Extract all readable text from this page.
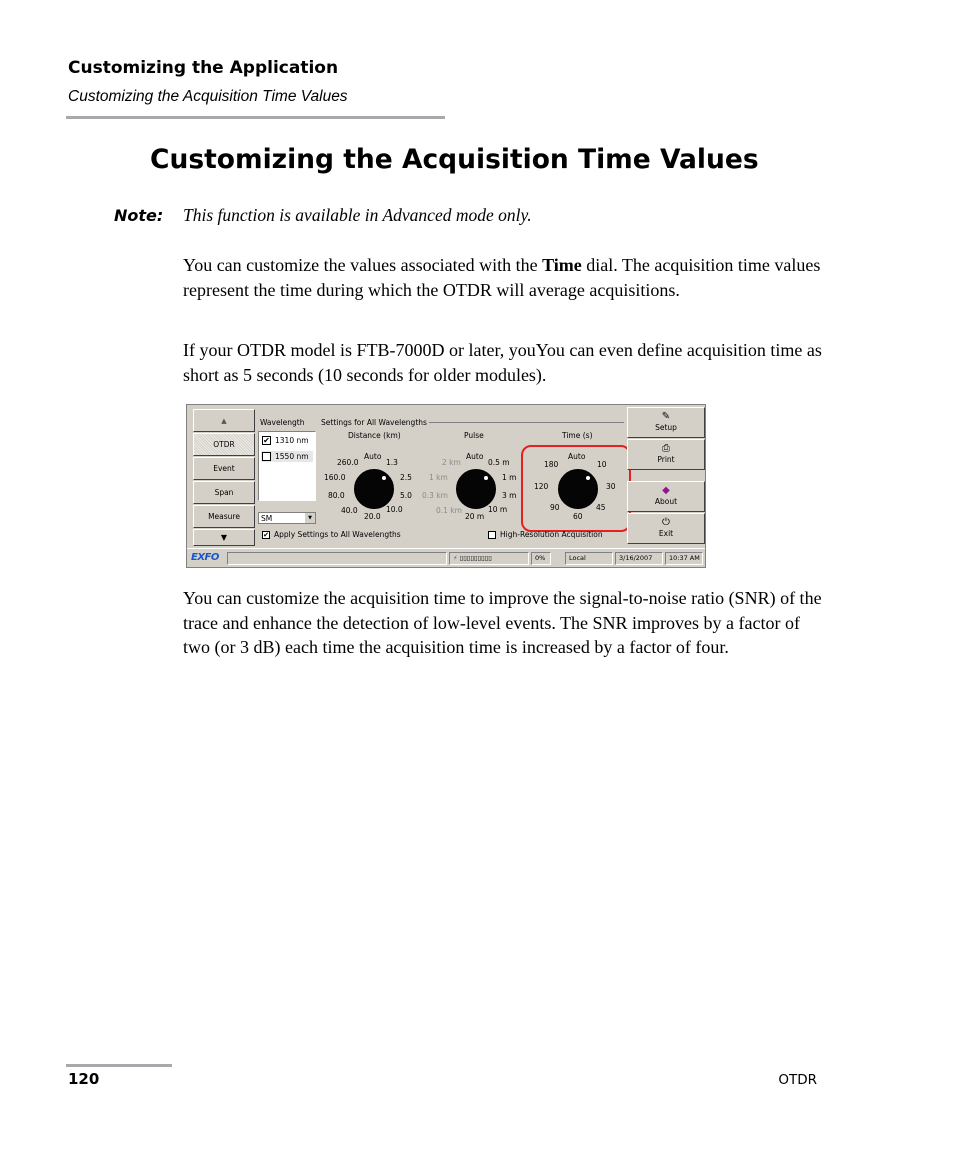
Customizing the Application
Customizing the Acquisition Time Values
Customizing the Acquisition Time Values
Note: This function is available in Advanced mode only.

You can customize the values associated with the Time dial. The acquisition time values represent the time during which the OTDR will average acquisitions.

If your OTDR model is FTB-7000D or later, youYou can even define acquisition time as short as 5 seconds (10 seconds for older modules).

▲
OTDR
Event
Span
Measure
▼
Wavelength Settings for All Wavelengths
✔ 1310 nm
1550 nm
SM	▼
✔ Apply Settings to All Wavelengths
Distance (km)
Auto
1.3
2.5
5.0
10.0
20.0
40.0
80.0
160.0
260.0
Pulse
Auto
0.5 m
1 m
3 m
10 m
20 m
0.1 km
0.3 km
1 km
2 km
Time (s)
Auto
10
30
45
60
90
120
180
High-Resolution Acquisition
✎
Setup
⎙
Print
◆
About
⏻
Exit
EXFO	⚡ ▯▯▯▯▯▯▯▯▯	0%	Local	3/16/2007	10:37 AM

You can customize the acquisition time to improve the signal-to-noise ratio (SNR) of the trace and enhance the detection of low-level events. The SNR improves by a factor of two (or 3 dB) each time the acquisition time is increased by a factor of four.

120	OTDR
